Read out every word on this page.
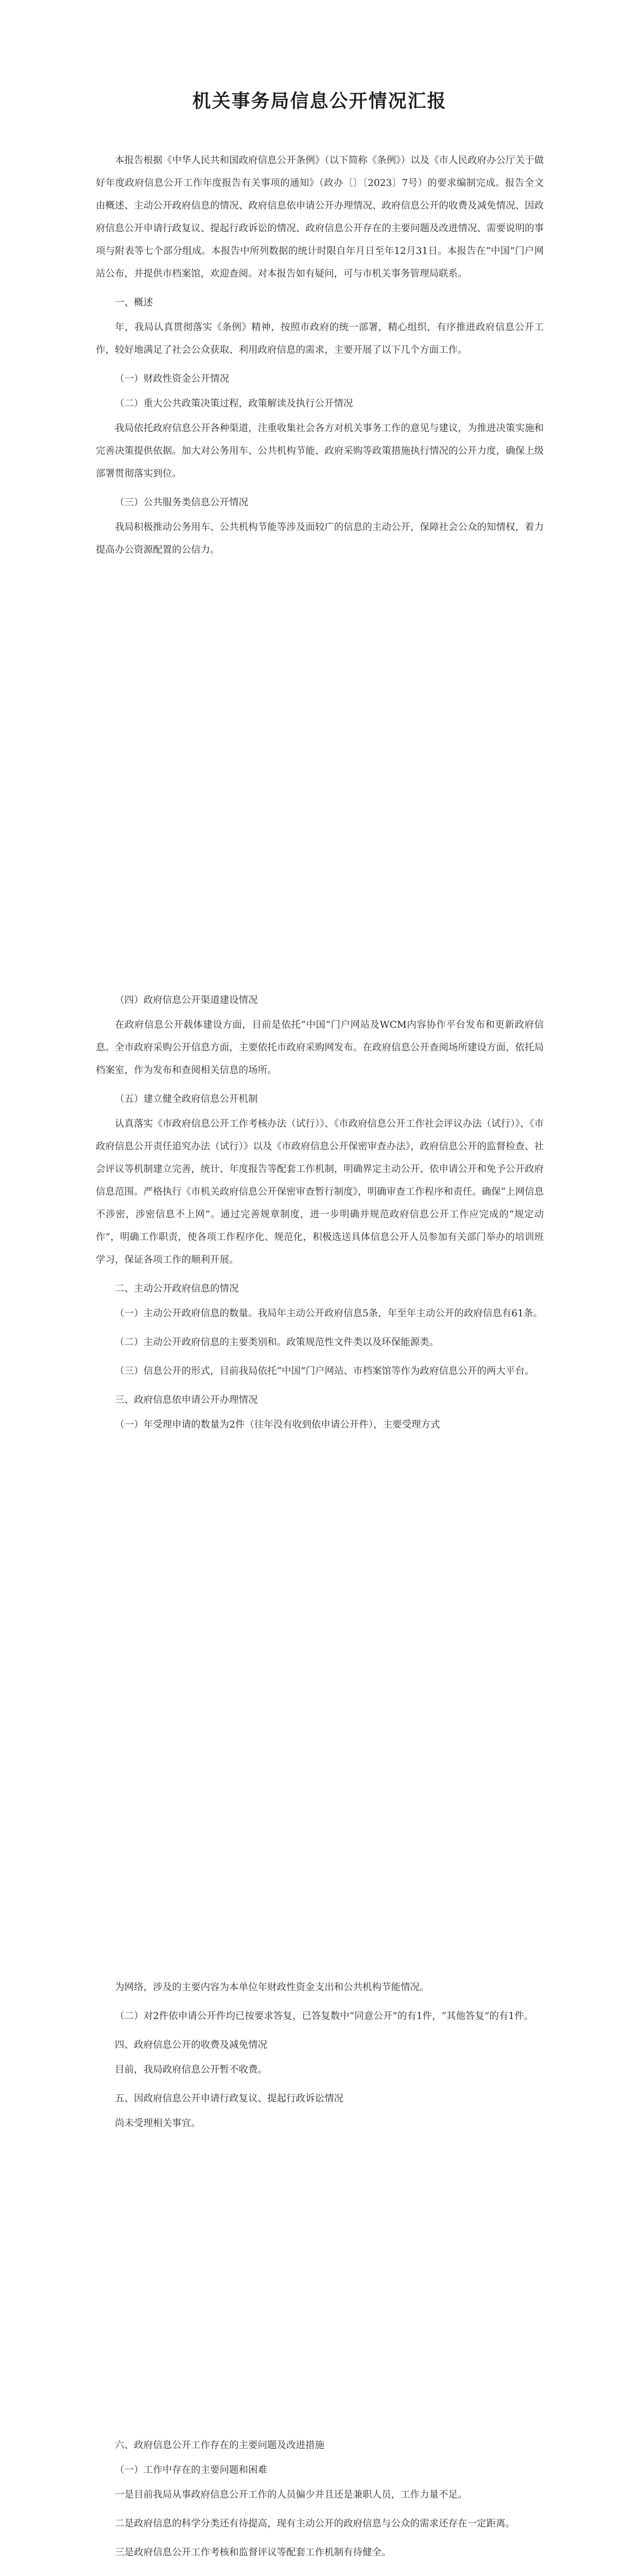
机关事务局信息公开情况汇报

本报告根据《中华人民共和国政府信息公开条例》（以下简称《条例》）以及《市人民政府办公厅关于做好年度政府信息公开工作年度报告有关事项的通知》（政办〔〕〔2023〕7号）的要求编制完成。报告全文由概述、主动公开政府信息的情况、政府信息依申请公开办理情况、政府信息公开的收费及减免情况、因政府信息公开申请行政复议、提起行政诉讼的情况、政府信息公开存在的主要问题及改进情况、需要说明的事项与附表等七个部分组成。本报告中所列数据的统计时限自年月日至年12月31日。本报告在“中国”门户网站公布，并提供市档案馆，欢迎查阅。对本报告如有疑问，可与市机关事务管理局联系。

一、概述

年，我局认真贯彻落实《条例》精神，按照市政府的统一部署，精心组织，有序推进政府信息公开工作，较好地满足了社会公众获取、利用政府信息的需求，主要开展了以下几个方面工作。

（一）财政性资金公开情况

（二）重大公共政策决策过程，政策解读及执行公开情况

我局依托政府信息公开各种渠道，注重收集社会各方对机关事务工作的意见与建议，为推进决策实施和完善决策提供依据。加大对公务用车、公共机构节能、政府采购等政策措施执行情况的公开力度，确保上级部署贯彻落实到位。

（三）公共服务类信息公开情况

我局积极推动公务用车、公共机构节能等涉及面较广的信息的主动公开，保障社会公众的知情权，着力提高办公资源配置的公信力。

（四）政府信息公开渠道建设情况

在政府信息公开载体建设方面，目前是依托“中国”门户网站及WCM内容协作平台发布和更新政府信息。全市政府采购公开信息方面，主要依托市政府采购网发布。在政府信息公开查阅场所建设方面，依托局档案室，作为发布和查阅相关信息的场所。

（五）建立健全政府信息公开机制

认真落实《市政府信息公开工作考核办法（试行）》、《市政府信息公开工作社会评议办法（试行）》、《市政府信息公开责任追究办法（试行）》以及《市政府信息公开保密审查办法》，政府信息公开的监督检查、社会评议等机制建立完善，统计、年度报告等配套工作机制，明确界定主动公开、依申请公开和免予公开政府信息范围。严格执行《市机关政府信息公开保密审查暂行制度》，明确审查工作程序和责任。确保“上网信息不涉密，涉密信息不上网”。通过完善规章制度，进一步明确并规范政府信息公开工作应完成的“规定动作”，明确工作职责，使各项工作程序化、规范化，积极选送具体信息公开人员参加有关部门举办的培训班学习，保证各项工作的顺利开展。

二、主动公开政府信息的情况

（一）主动公开政府信息的数量。我局年主动公开政府信息5条，年至年主动公开的政府信息有61条。

（二）主动公开政府信息的主要类别和。政策规范性文件类以及环保能源类。

（三）信息公开的形式，目前我局依托“中国”门户网站、市档案馆等作为政府信息公开的两大平台。

三、政府信息依申请公开办理情况

（一）年受理申请的数量为2件（往年没有收到依申请公开件），主要受理方式

为网络，涉及的主要内容为本单位年财政性资金支出和公共机构节能情况。

（二）对2件依申请公开件均已按要求答复，已答复数中“同意公开”的有1件，“其他答复”的有1件。

四、政府信息公开的收费及减免情况

目前，我局政府信息公开暂不收费。

五、因政府信息公开申请行政复议、提起行政诉讼情况

尚未受理相关事宜。

六、政府信息公开工作存在的主要问题及改进措施

（一）工作中存在的主要问题和困难

一是目前我局从事政府信息公开工作的人员偏少并且还是兼职人员，工作力量不足。

二是政府信息的科学分类还有待提高，现有主动公开的政府信息与公众的需求还存在一定距离。

三是政府信息公开工作考核和监督评议等配套工作机制有待健全。
